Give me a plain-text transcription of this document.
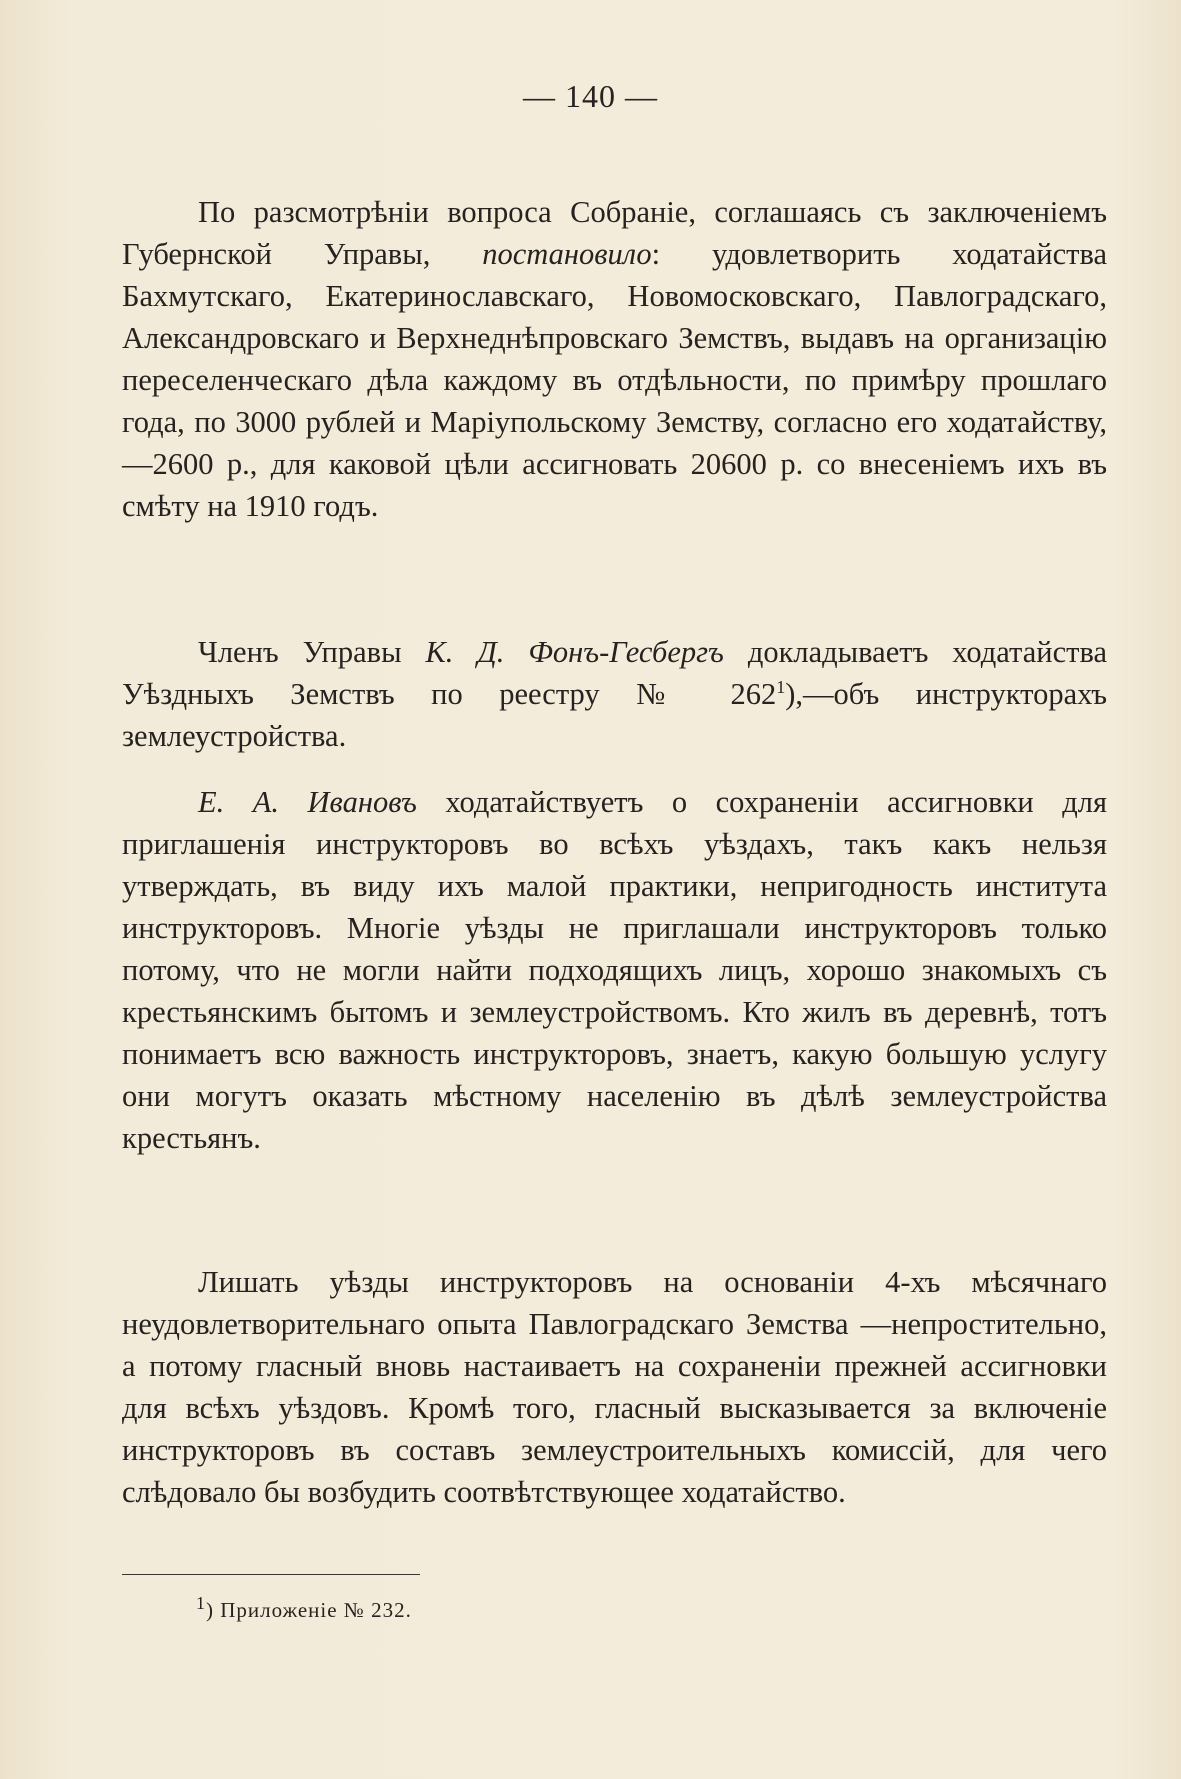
— 140 —

По разсмотрѣніи вопроса Собраніе, соглашаясь съ заключеніемъ Губернской Управы, постановило: удовлетворить ходатайства Бахмутскаго, Екатеринославскаго, Новомосковскаго, Павлоградскаго, Александровскаго и Верхнеднѣпровскаго Земствъ, выдавъ на организацію переселенческаго дѣла каждому въ отдѣльности, по примѣру прошлаго года, по 3000 рублей и Маріупольскому Земству, согласно его ходатайству,—2600 р., для каковой цѣли ассигновать 20600 р. со внесеніемъ ихъ въ смѣту на 1910 годъ.

Членъ Управы К. Д. Фонъ-Гесбергъ докладываетъ ходатайства Уѣздныхъ Земствъ по реестру № $262^1),—объ$ инструкторахъ землеустройства.

Е. А. Ивановъ ходатайствуетъ о сохраненіи ассигновки для приглашенія инструкторовъ во всѣхъ уѣздахъ, такъ какъ нельзя утверждать, въ виду ихъ малой практики, непригодность института инструкторовъ. Многіе уѣзды не приглашали инструкторовъ только потому, что не могли найти подходящихъ лицъ, хорошо знакомыхъ съ крестьянскимъ бытомъ и землеустройствомъ. Кто жилъ въ деревнѣ, тотъ понимаетъ всю важность инструкторовъ, знаетъ, какую большую услугу они могутъ оказать мѣстному населенію въ дѣлѣ землеустройства крестьянъ.

Лишать уѣзды инструкторовъ на основаніи 4-хъ мѣсячнаго неудовлетворительнаго опыта Павлоградскаго Земства —непростительно, а потому гласный вновь настаиваетъ на сохраненіи прежней ассигновки для всѣхъ уѣздовъ. Кромѣ того, гласный высказывается за включеніе инструкторовъ въ составъ землеустроительныхъ комиссій, для чего слѣдовало бы возбудить соотвѣтствующее ходатайство.

$^1$) Приложеніе № 232.
